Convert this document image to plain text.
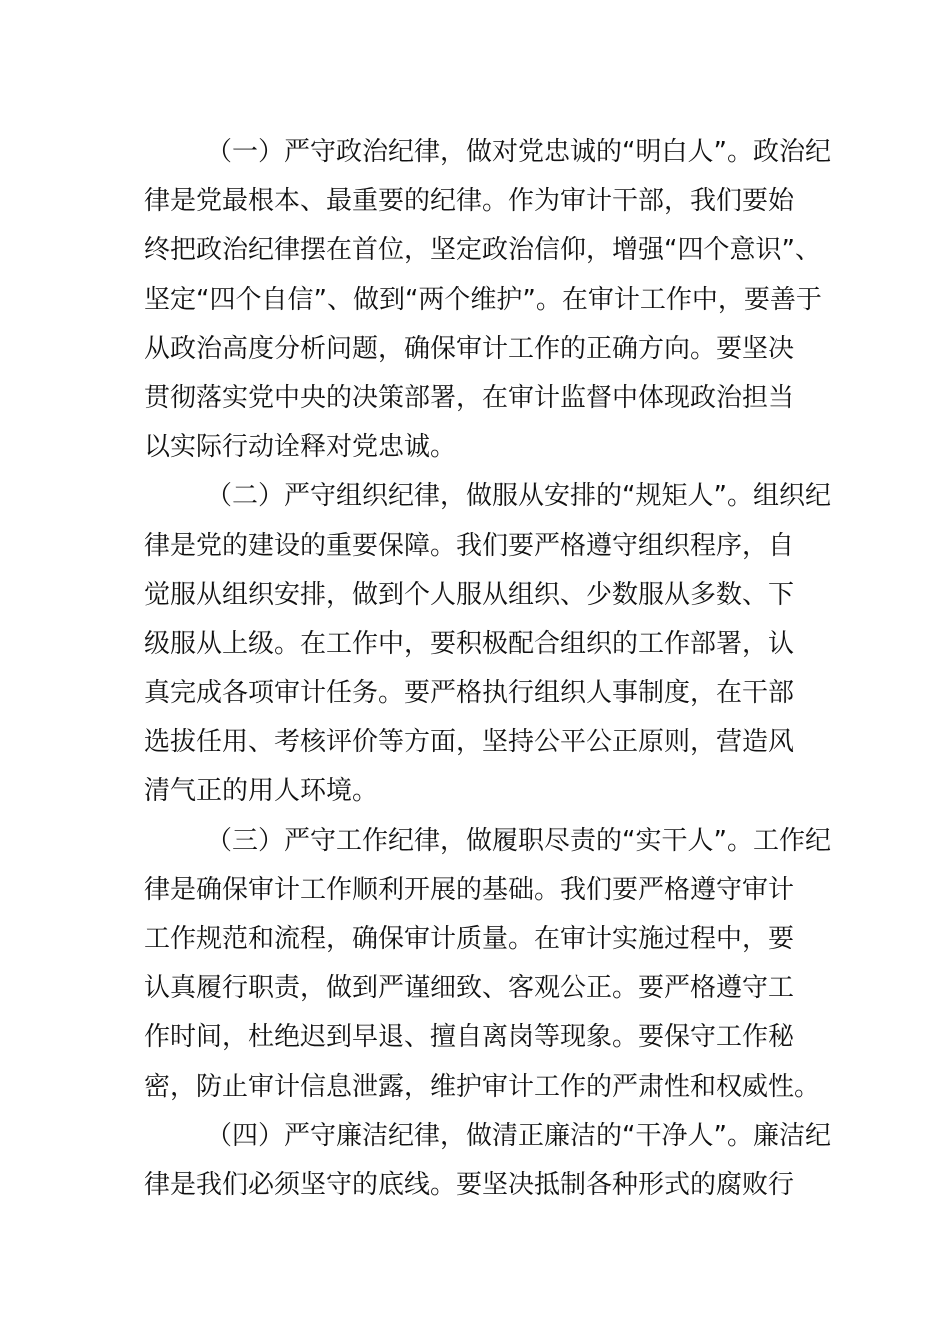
（一）严守政治纪律，做对党忠诚的“明白人”。政治纪
律是党最根本、最重要的纪律。作为审计干部，我们要始
终把政治纪律摆在首位，坚定政治信仰，增强“四个意识”、
坚定“四个自信”、做到“两个维护”。在审计工作中，要善于
从政治高度分析问题，确保审计工作的正确方向。要坚决
贯彻落实党中央的决策部署，在审计监督中体现政治担当
以实际行动诠释对党忠诚。
（二）严守组织纪律，做服从安排的“规矩人”。组织纪
律是党的建设的重要保障。我们要严格遵守组织程序，自
觉服从组织安排，做到个人服从组织、少数服从多数、下
级服从上级。在工作中，要积极配合组织的工作部署，认
真完成各项审计任务。要严格执行组织人事制度，在干部
选拔任用、考核评价等方面，坚持公平公正原则，营造风
清气正的用人环境。
（三）严守工作纪律，做履职尽责的“实干人”。工作纪
律是确保审计工作顺利开展的基础。我们要严格遵守审计
工作规范和流程，确保审计质量。在审计实施过程中，要
认真履行职责，做到严谨细致、客观公正。要严格遵守工
作时间，杜绝迟到早退、擅自离岗等现象。要保守工作秘
密，防止审计信息泄露，维护审计工作的严肃性和权威性。
（四）严守廉洁纪律，做清正廉洁的“干净人”。廉洁纪
律是我们必须坚守的底线。要坚决抵制各种形式的腐败行
